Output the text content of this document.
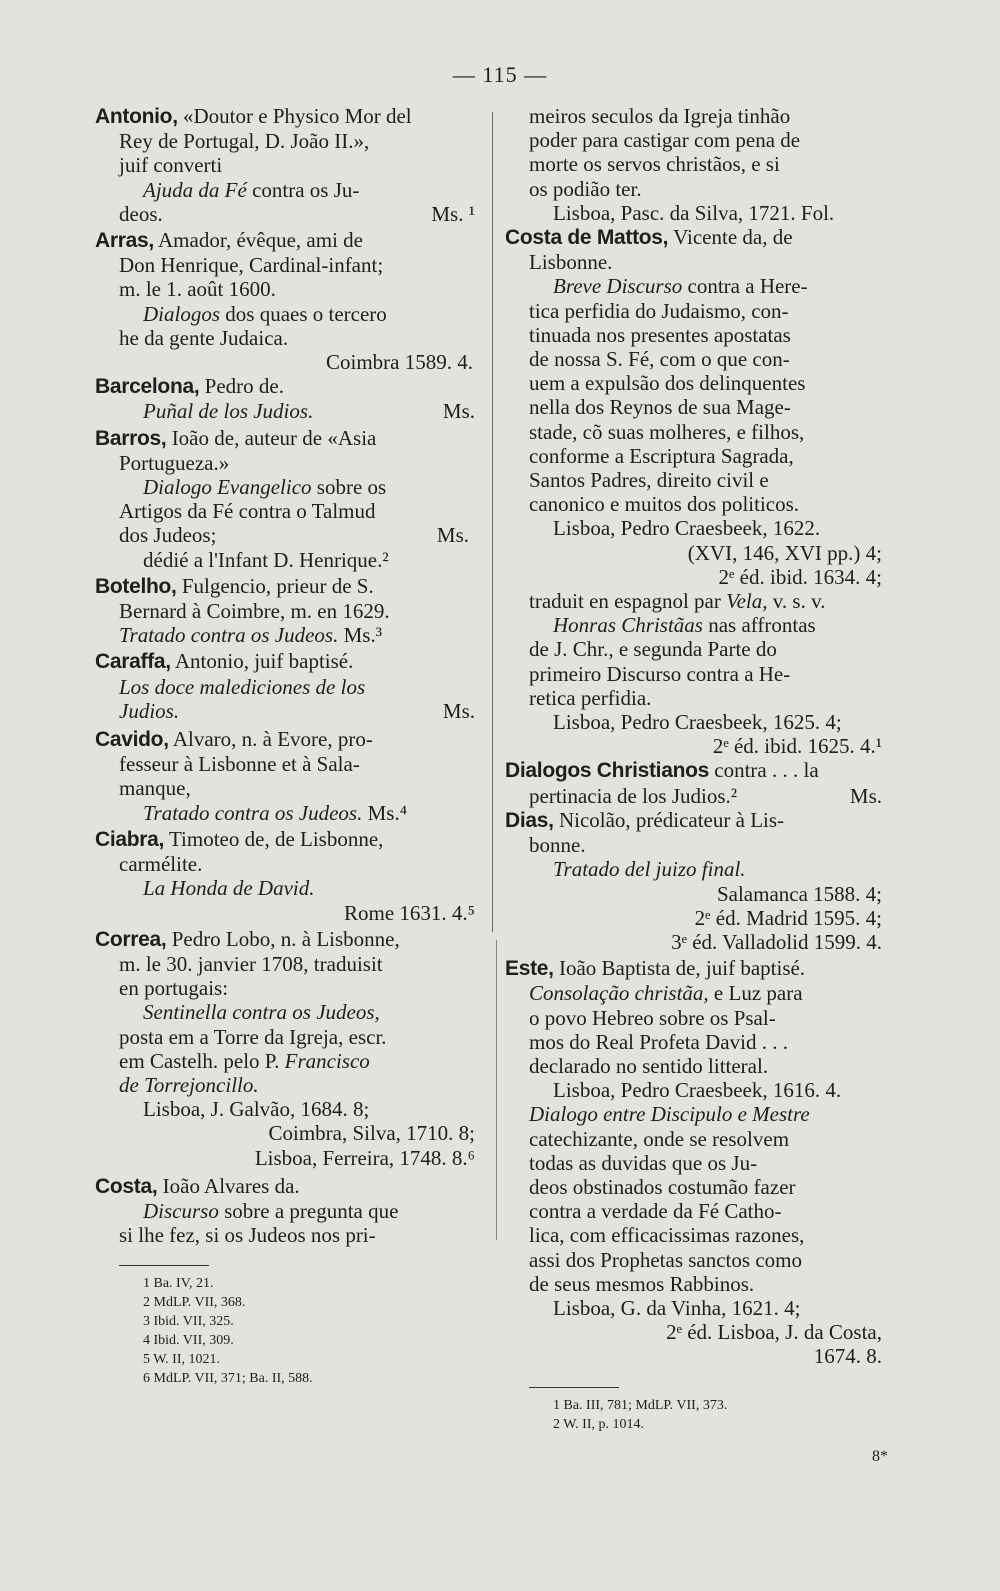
— 115 —
Antonio, «Doutor e Physico Mor del
Rey de Portugal, D. João II.»,
juif converti
Ajuda da Fé contra os Ju-
deos.	Ms. ¹
Arras, Amador, évêque, ami de
Don Henrique, Cardinal-infant;
m. le 1. août 1600.
Dialogos dos quaes o tercero
he da gente Judaica.
Coimbra 1589. 4.
Barcelona, Pedro de.
Puñal de los Judios.	Ms.
Barros, Ioão de, auteur de «Asia
Portugueza.»
Dialogo Evangelico sobre os
Artigos da Fé contra o Talmud
dos Judeos;	Ms.
dédié a l'Infant D. Henrique.²
Botelho, Fulgencio, prieur de S.
Bernard à Coimbre, m. en 1629.
Tratado contra os Judeos. Ms.³
Caraffa, Antonio, juif baptisé.
Los doce malediciones de los
Judios.	Ms.
Cavido, Alvaro, n. à Evore, pro-
fesseur à Lisbonne et à Sala-
manque,
Tratado contra os Judeos. Ms.⁴
Ciabra, Timoteo de, de Lisbonne,
carmélite.
La Honda de David.
Rome 1631. 4.⁵
Correa, Pedro Lobo, n. à Lisbonne,
m. le 30. janvier 1708, traduisit
en portugais:
Sentinella contra os Judeos,
posta em a Torre da Igreja, escr.
em Castelh. pelo P. Francisco
de Torrejoncillo.
Lisboa, J. Galvão, 1684. 8;
Coimbra, Silva, 1710. 8;
Lisboa, Ferreira, 1748. 8.⁶
Costa, Ioão Alvares da.
Discurso sobre a pregunta que
si lhe fez, si os Judeos nos pri-
1 Ba. IV, 21.
2 MdLP. VII, 368.
3 Ibid. VII, 325.
4 Ibid. VII, 309.
5 W. II, 1021.
6 MdLP. VII, 371; Ba. II, 588.
meiros seculos da Igreja tinhão
poder para castigar com pena de
morte os servos christãos, e si
os podião ter.
Lisboa, Pasc. da Silva, 1721. Fol.
Costa de Mattos, Vicente da, de
Lisbonne.
Breve Discurso contra a Here-
tica perfidia do Judaismo, con-
tinuada nos presentes apostatas
de nossa S. Fé, com o que con-
uem a expulsão dos delinquentes
nella dos Reynos de sua Mage-
stade, cõ suas molheres, e filhos,
conforme a Escriptura Sagrada,
Santos Padres, direito civil e
canonico e muitos dos politicos.
Lisboa, Pedro Craesbeek, 1622.
(XVI, 146, XVI pp.) 4;
2ᵉ éd. ibid. 1634. 4;
traduit en espagnol par Vela, v. s. v.
Honras Christãas nas affrontas
de J. Chr., e segunda Parte do
primeiro Discurso contra a He-
retica perfidia.
Lisboa, Pedro Craesbeek, 1625. 4;
2ᵉ éd. ibid. 1625. 4.¹
Dialogos Christianos contra . . . la
pertinacia de los Judios.²	Ms.
Dias, Nicolão, prédicateur à Lis-
bonne.
Tratado del juizo final.
Salamanca 1588. 4;
2ᵉ éd. Madrid 1595. 4;
3ᵉ éd. Valladolid 1599. 4.
Este, Ioão Baptista de, juif baptisé.
Consolação christãa, e Luz para
o povo Hebreo sobre os Psal-
mos do Real Profeta David . . .
declarado no sentido litteral.
Lisboa, Pedro Craesbeek, 1616. 4.
Dialogo entre Discipulo e Mestre
catechizante, onde se resolvem
todas as duvidas que os Ju-
deos obstinados costumão fazer
contra a verdade da Fé Catho-
lica, com efficacissimas razones,
assi dos Prophetas sanctos como
de seus mesmos Rabbinos.
Lisboa, G. da Vinha, 1621. 4;
2ᵉ éd. Lisboa, J. da Costa,
1674. 8.
1 Ba. III, 781; MdLP. VII, 373.
2 W. II, p. 1014.
8*
